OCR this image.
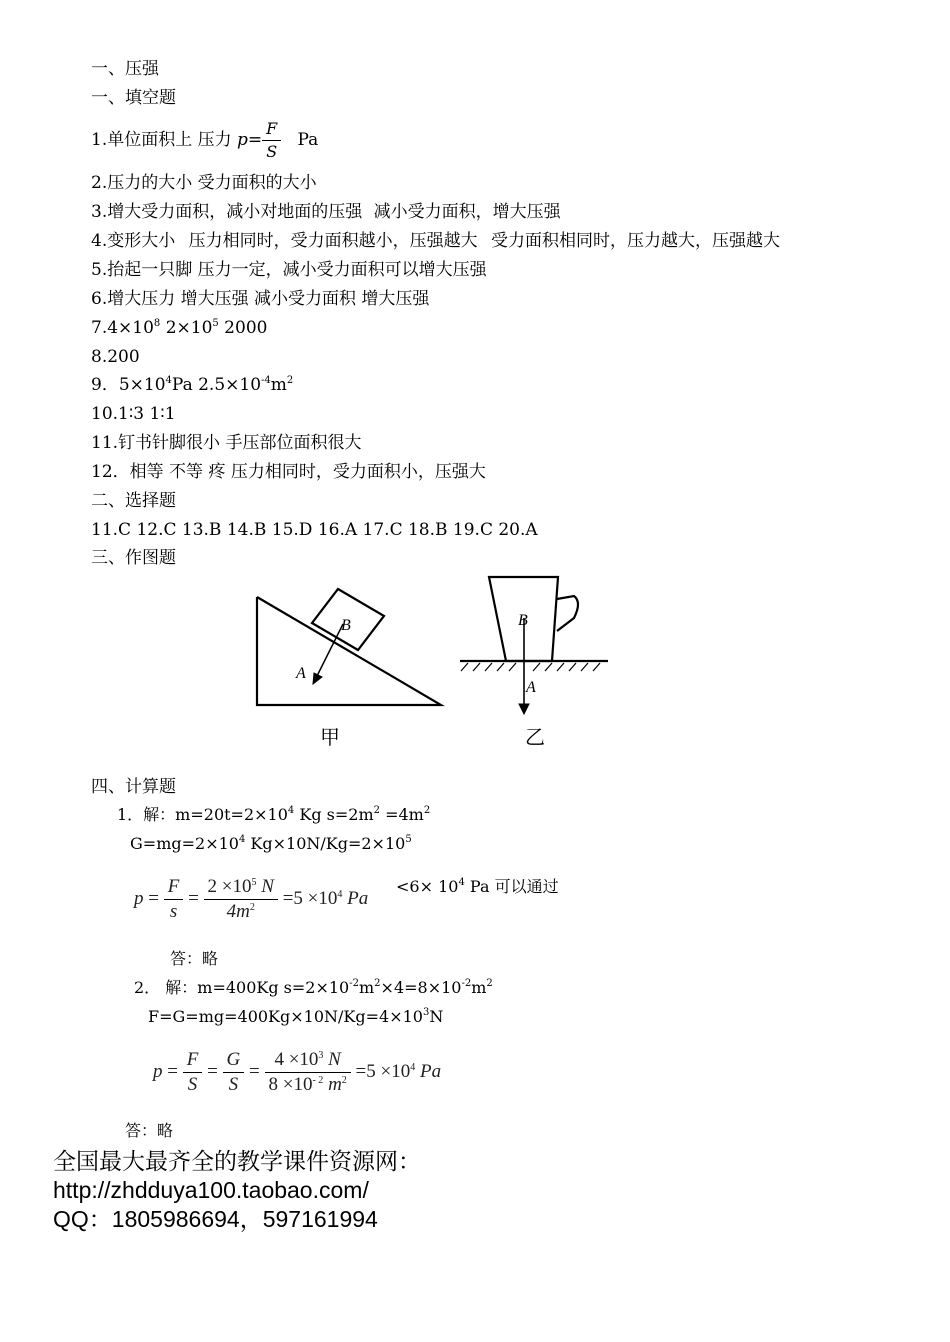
一、压强
一、填空题
1.单位面积上 压力 $p= \frac{F}{S}$ Pa
2.压力的大小 受力面积的大小
3.增大受力面积，减小对地面的压强 减小受力面积，增大压强
4.变形大小 压力相同时，受力面积越小，压强越大 受力面积相同时，压力越大，压强越大
5.抬起一只脚 压力一定，减小受力面积可以增大压强
6.增大压力 增大压强 减小受力面积 增大压强
$7.4\times 10^8$ $2\times 10^5$ 2000
8.200
9．$5\times 10^4Pa$ $2.5\times 10^{-4}m^2$
10.1∶3 1∶1
11.钉书针脚很小 手压部位面积很大
12．相等 不等 疼 压力相同时，受力面积小，压强大
二、选择题
11.C 12.C 13.B 14.B 15.D 16.A 17.C 18.B 19.C 20.A
三、作图题
B
A
甲
B
A
乙
四、计算题
1．解：$m=20t=2\times 10^4$ Kg $s=2m^2 =4m^2$
$G=mg=2\times 10^4$ $Kg\times 10N/Kg=2\times 10^5$
$p = \frac{F}{s} = \frac{2 \times 10^5 N}{4m^2} =5 \times 10^4$ Pa
$<6\times 10^4$ Pa 可以通过
答：略
2． 解：m=400Kg $s=2\times 10^{-2}m^2\times 4=8\times 10^{-2}m^2$
$F=G=mg=400Kg\times 10N/Kg=4\times 10^3N$
$p = \frac{F}{S} = \frac{G}{S} = \frac{4 \times 10^3 N}{8 \times 10^{- 2} m^2} =5 \times 10^4$ Pa
答：略
全国最大最齐全的教学课件资源网：
http://zhdduya100.taobao.com/
QQ：1805986694，597161994
